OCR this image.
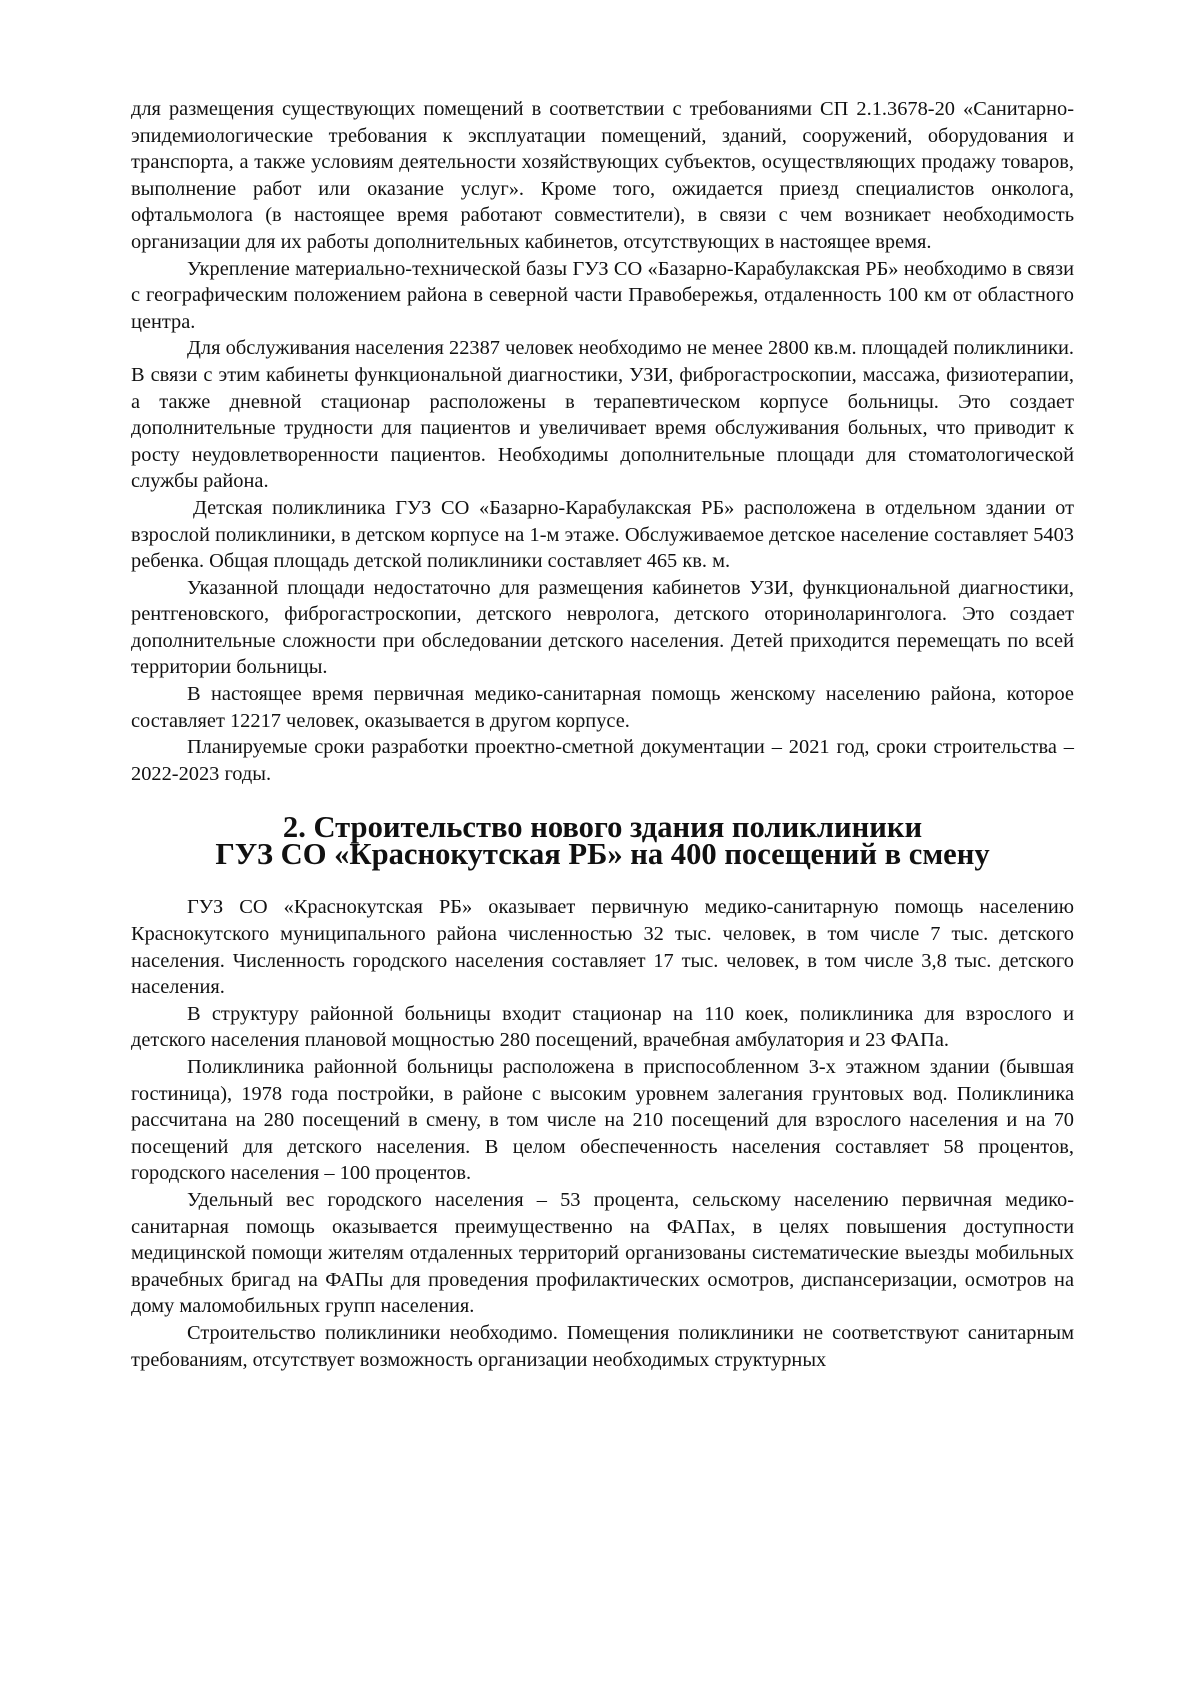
для размещения существующих помещений в соответствии с требованиями СП 2.1.3678-20 «Санитарно-эпидемиологические требования к эксплуатации помещений, зданий, сооружений, оборудования и транспорта, а также условиям деятельности хозяйствующих субъектов, осуществляющих продажу товаров, выполнение работ или оказание услуг». Кроме того, ожидается приезд специалистов онколога, офтальмолога (в настоящее время работают совместители), в связи с чем возникает необходимость организации для их работы дополнительных кабинетов, отсутствующих в настоящее время.

Укрепление материально-технической базы ГУЗ СО «Базарно-Карабулакская РБ» необходимо в связи с географическим положением района в северной части Правобережья, отдаленность 100 км от областного центра.

Для обслуживания населения 22387 человек необходимо не менее 2800 кв.м. площадей поликлиники. В связи с этим кабинеты функциональной диагностики, УЗИ, фиброгастроскопии, массажа, физиотерапии, а также дневной стационар расположены в терапевтическом корпусе больницы. Это создает дополнительные трудности для пациентов и увеличивает время обслуживания больных, что приводит к росту неудовлетворенности пациентов. Необходимы дополнительные площади для стоматологической службы района.

Детская поликлиника ГУЗ СО «Базарно-Карабулакская РБ» расположена в отдельном здании от взрослой поликлиники, в детском корпусе на 1-м этаже. Обслуживаемое детское население составляет 5403 ребенка. Общая площадь детской поликлиники составляет 465 кв. м.

Указанной площади недостаточно для размещения кабинетов УЗИ, функциональной диагностики, рентгеновского, фиброгастроскопии, детского невролога, детского оториноларинголога. Это создает дополнительные сложности при обследовании детского населения. Детей приходится перемещать по всей территории больницы.

В настоящее время первичная медико-санитарная помощь женскому населению района, которое составляет 12217 человек, оказывается в другом корпусе.

Планируемые сроки разработки проектно-сметной документации – 2021 год, сроки строительства – 2022-2023 годы.

2. Строительство нового здания поликлиники
ГУЗ СО «Краснокутская РБ» на 400 посещений в смену

ГУЗ СО «Краснокутская РБ» оказывает первичную медико-санитарную помощь населению Краснокутского муниципального района численностью 32 тыс. человек, в том числе 7 тыс. детского населения. Численность городского населения составляет 17 тыс. человек, в том числе 3,8 тыс. детского населения.

В структуру районной больницы входит стационар на 110 коек, поликлиника для взрослого и детского населения плановой мощностью 280 посещений, врачебная амбулатория и 23 ФАПа.

Поликлиника районной больницы расположена в приспособленном 3-х этажном здании (бывшая гостиница), 1978 года постройки, в районе с высоким уровнем залегания грунтовых вод. Поликлиника рассчитана на 280 посещений в смену, в том числе на 210 посещений для взрослого населения и на 70 посещений для детского населения. В целом обеспеченность населения составляет 58 процентов, городского населения – 100 процентов.

Удельный вес городского населения – 53 процента, сельскому населению первичная медико-санитарная помощь оказывается преимущественно на ФАПах, в целях повышения доступности медицинской помощи жителям отдаленных территорий организованы систематические выезды мобильных врачебных бригад на ФАПы для проведения профилактических осмотров, диспансеризации, осмотров на дому маломобильных групп населения.

Строительство поликлиники необходимо. Помещения поликлиники не соответствуют санитарным требованиям, отсутствует возможность организации необходимых структурных
